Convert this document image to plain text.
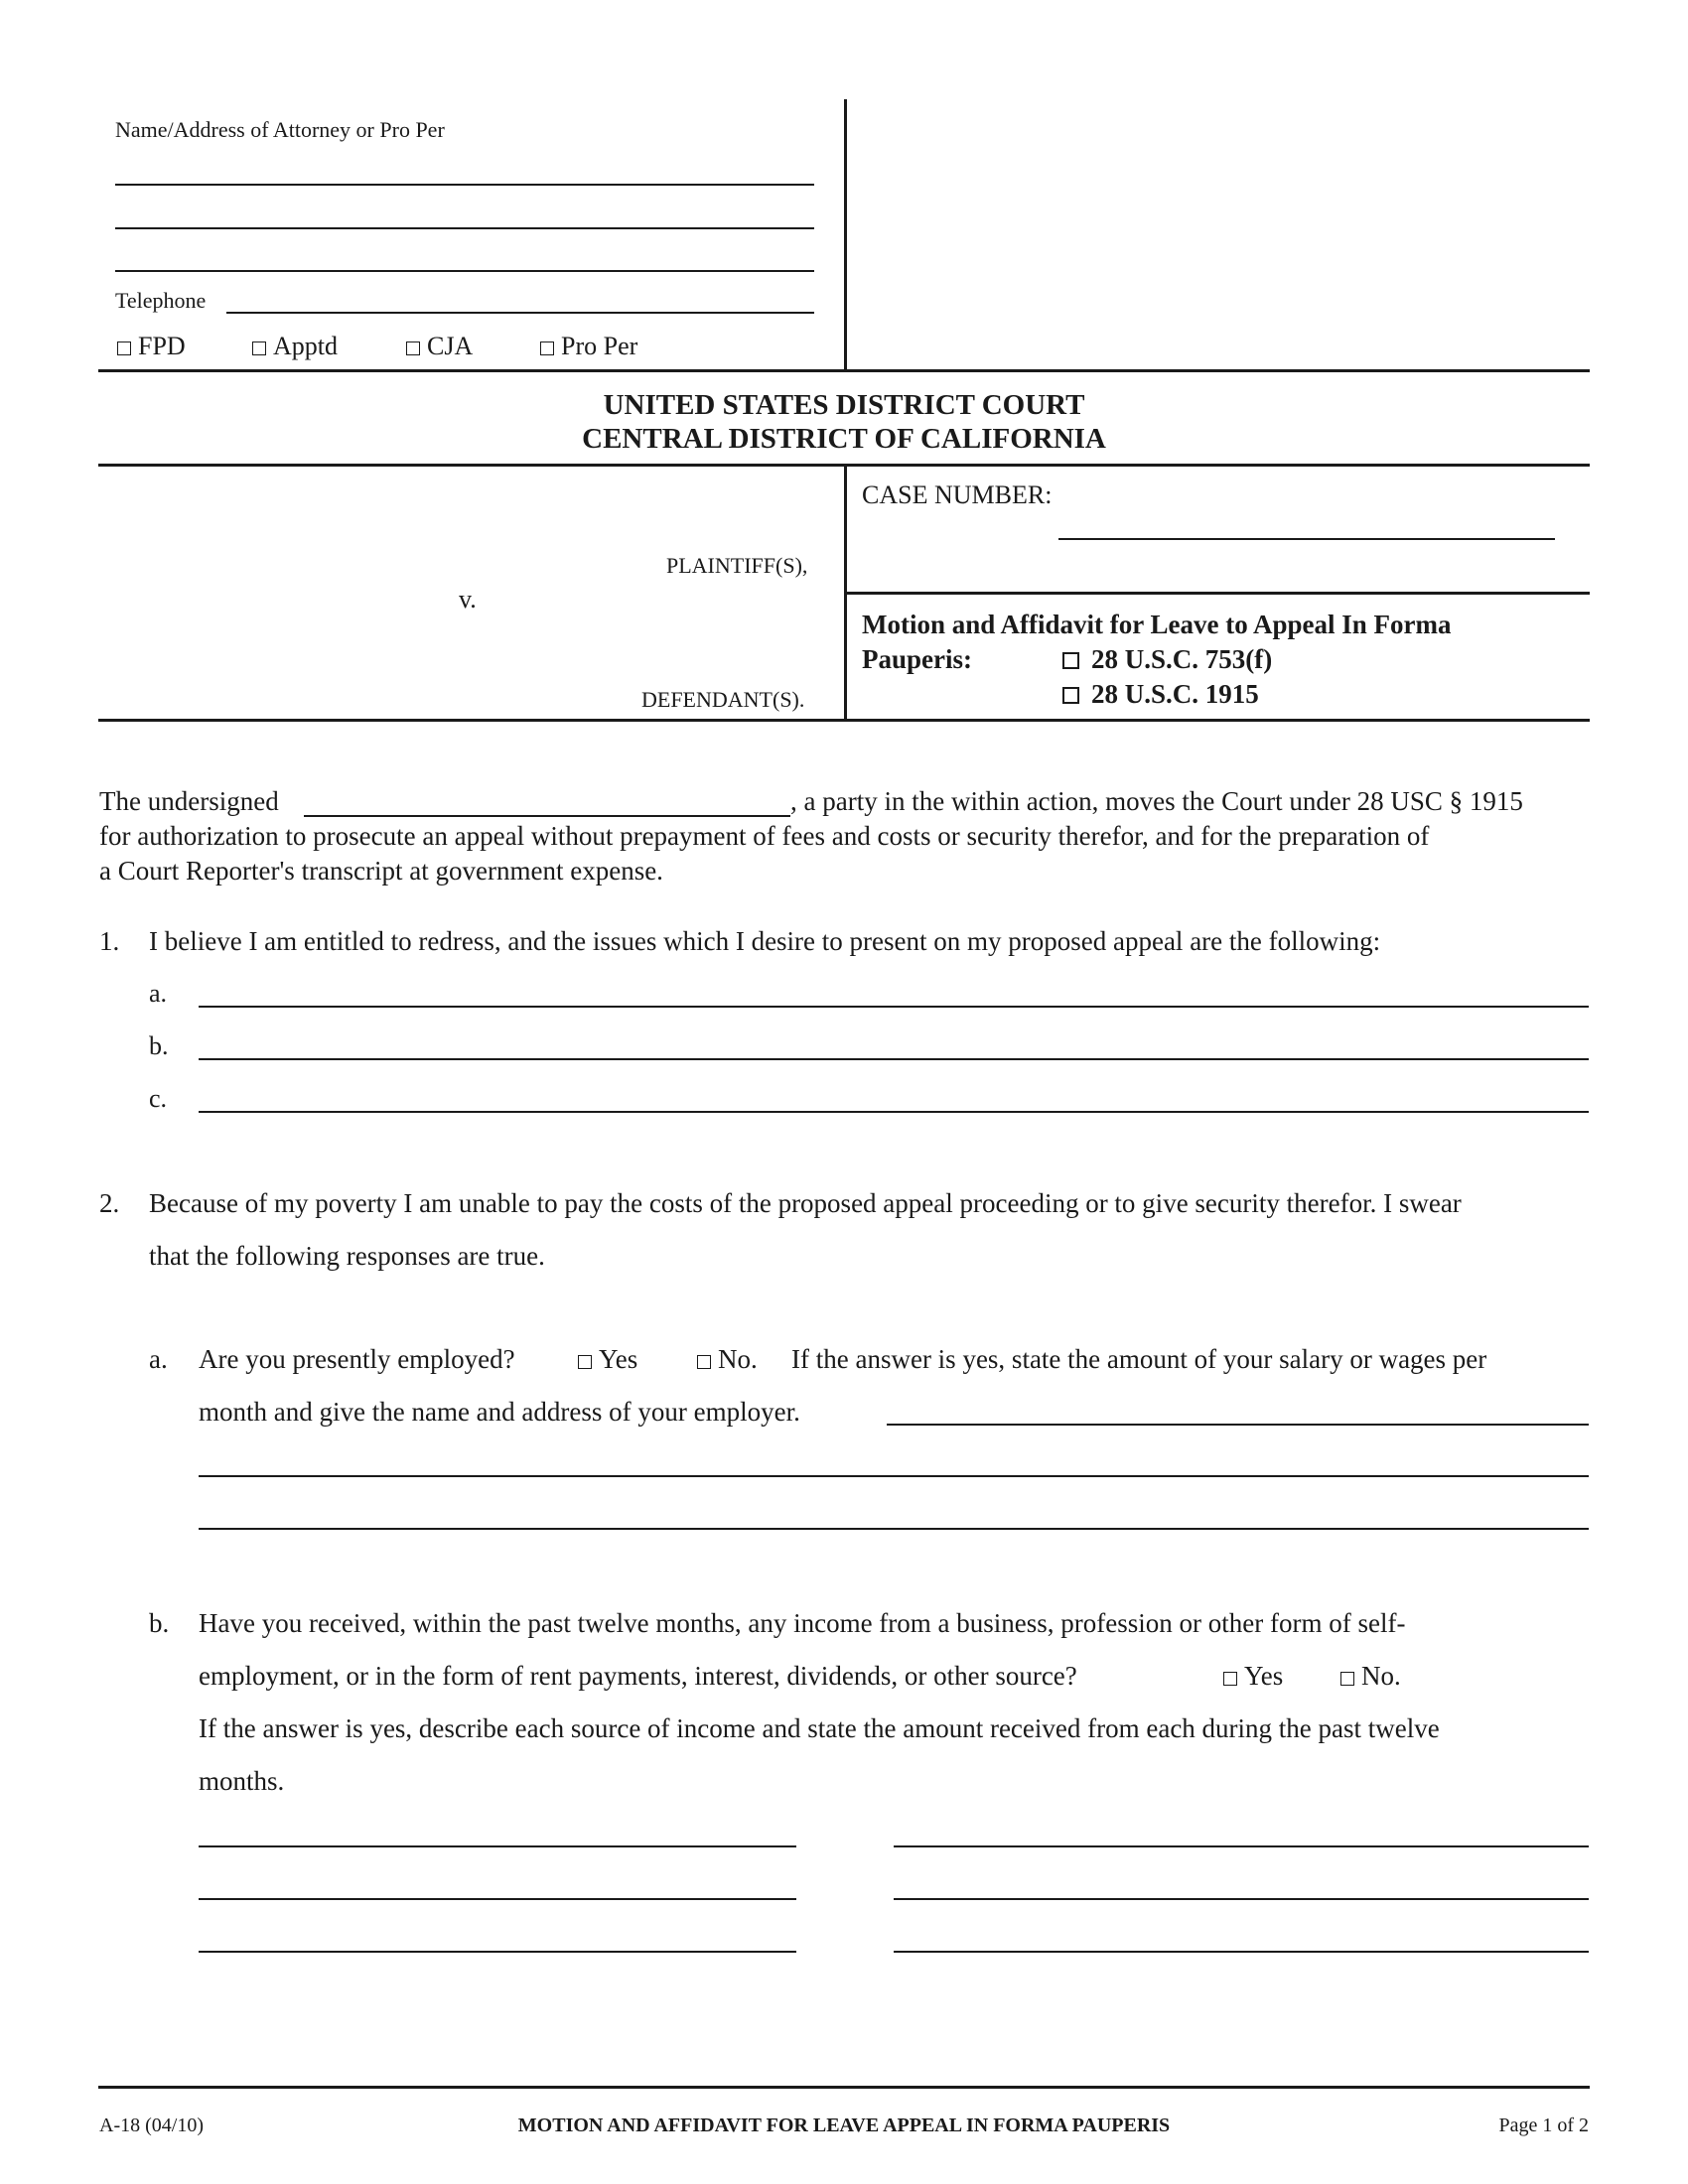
Name/Address of Attorney or Pro Per
Telephone
FPD	Apptd	CJA	Pro Per
UNITED STATES DISTRICT COURT
CENTRAL DISTRICT OF CALIFORNIA
PLAINTIFF(S),
v.
DEFENDANT(S).
CASE NUMBER:
Motion and Affidavit for Leave to Appeal In Forma
Pauperis:	28 U.S.C. 753(f)
28 U.S.C. 1915
The undersigned	, a party in the within action, moves the Court under 28 USC § 1915
for authorization to prosecute an appeal without prepayment of fees and costs or security therefor, and for the preparation of
a Court Reporter's transcript at government expense.
1. I believe I am entitled to redress, and the issues which I desire to present on my proposed appeal are the following:
a.
b.
c.
2. Because of my poverty I am unable to pay the costs of the proposed appeal proceeding or to give security therefor. I swear
that the following responses are true.
a. Are you presently employed?	Yes	No. If the answer is yes, state the amount of your salary or wages per
month and give the name and address of your employer.
b. Have you received, within the past twelve months, any income from a business, profession or other form of self-
employment, or in the form of rent payments, interest, dividends, or other source?	Yes	No.
If the answer is yes, describe each source of income and state the amount received from each during the past twelve
months.
A-18 (04/10)	MOTION AND AFFIDAVIT FOR LEAVE APPEAL IN FORMA PAUPERIS	Page 1 of 2
